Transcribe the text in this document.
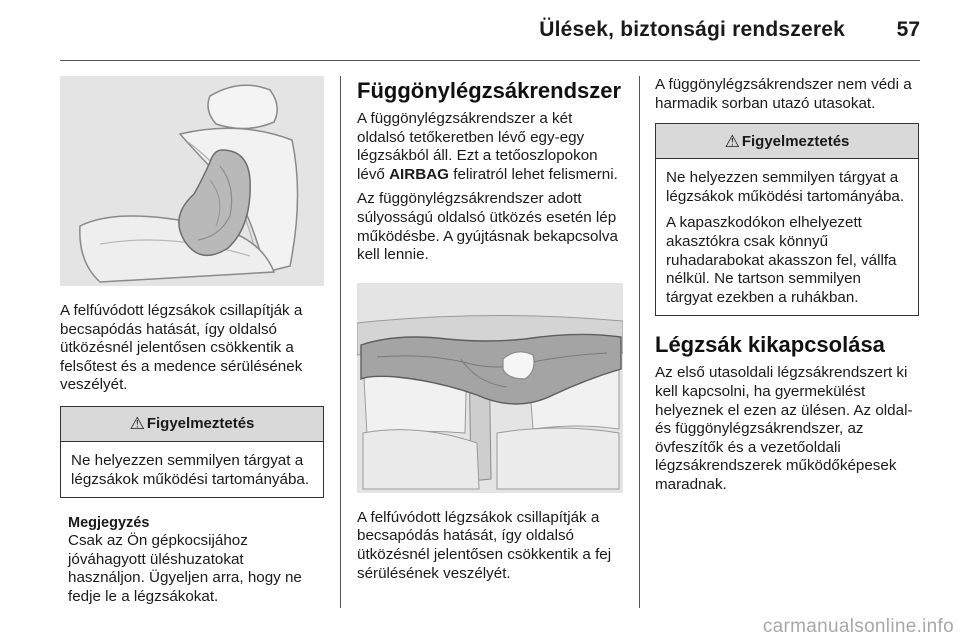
Ülések, biztonsági rendszerek 57

A felfúvódott légzsákok csillapítják a becsapódás hatását, így oldalsó ütközésnél jelentősen csökkentik a felsőtest és a medence sérülésének veszélyét.

⚠ Figyelmeztetés

Ne helyezzen semmilyen tárgyat a légzsákok működési tartományába.

Megjegyzés

Csak az Ön gépkocsijához jóváhagyott üléshuzatokat használjon. Ügyeljen arra, hogy ne fedje le a légzsákokat.

Függönylégzsákrendszer

A függönylégzsákrendszer a két oldalsó tetőkeretben lévő egy-egy légzsákból áll. Ezt a tetőoszlopokon lévő AIRBAG feliratról lehet felismerni.

Az függönylégzsákrendszer adott súlyosságú oldalsó ütközés esetén lép működésbe. A gyújtásnak bekapcsolva kell lennie.

A felfúvódott légzsákok csillapítják a becsapódás hatását, így oldalsó ütközésnél jelentősen csökkentik a fej sérülésének veszélyét.

A függönylégzsákrendszer nem védi a harmadik sorban utazó utasokat.

⚠ Figyelmeztetés

Ne helyezzen semmilyen tárgyat a légzsákok működési tartományába.

A kapaszkodókon elhelyezett akasztókra csak könnyű ruhadarabokat akasszon fel, vállfa nélkül. Ne tartson semmilyen tárgyat ezekben a ruhákban.

Légzsák kikapcsolása

Az első utasoldali légzsákrendszert ki kell kapcsolni, ha gyermekülést helyeznek el ezen az ülésen. Az oldal- és függönylégzsákrendszer, az övfeszítők és a vezetőoldali légzsákrendszerek működőképesek maradnak.

carmanualsonline.info
